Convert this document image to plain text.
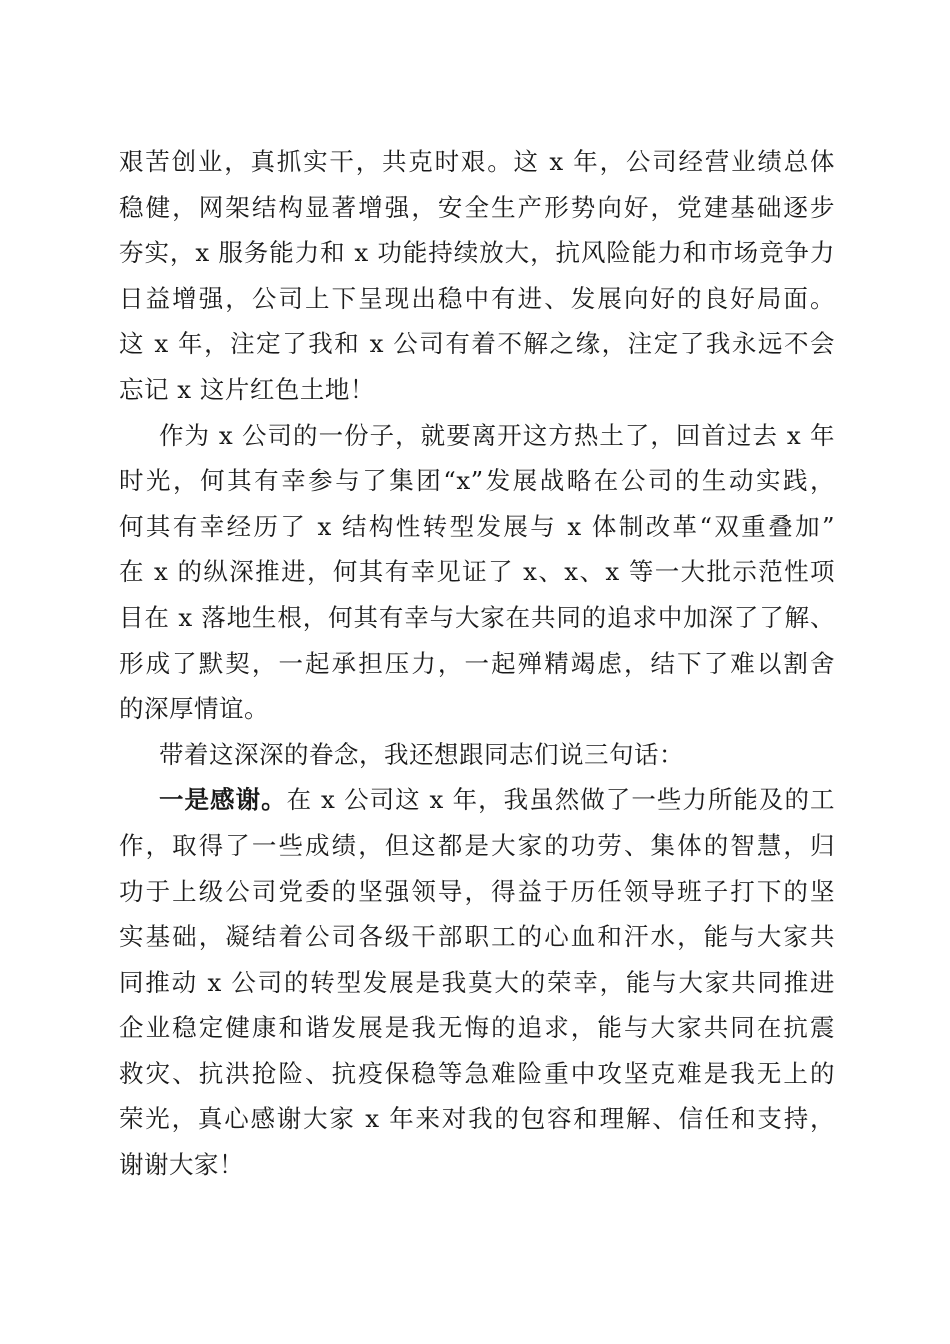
艰苦创业，真抓实干，共克时艰。这 x 年，公司经营业绩总体
稳健，网架结构显著增强，安全生产形势向好，党建基础逐步
夯实，x 服务能力和 x 功能持续放大，抗风险能力和市场竞争力
日益增强，公司上下呈现出稳中有进、发展向好的良好局面。
这 x 年，注定了我和 x 公司有着不解之缘，注定了我永远不会
忘记 x 这片红色土地！
作为 x 公司的一份子，就要离开这方热土了，回首过去 x 年
时光，何其有幸参与了集团“x”发展战略在公司的生动实践，
何其有幸经历了 x 结构性转型发展与 x 体制改革“双重叠加”
在 x 的纵深推进，何其有幸见证了 x、x、x 等一大批示范性项
目在 x 落地生根，何其有幸与大家在共同的追求中加深了了解、
形成了默契，一起承担压力，一起殚精竭虑，结下了难以割舍
的深厚情谊。
带着这深深的眷念，我还想跟同志们说三句话：
一是感谢。在 x 公司这 x 年，我虽然做了一些力所能及的工
作，取得了一些成绩，但这都是大家的功劳、集体的智慧，归
功于上级公司党委的坚强领导，得益于历任领导班子打下的坚
实基础，凝结着公司各级干部职工的心血和汗水，能与大家共
同推动 x 公司的转型发展是我莫大的荣幸，能与大家共同推进
企业稳定健康和谐发展是我无悔的追求，能与大家共同在抗震
救灾、抗洪抢险、抗疫保稳等急难险重中攻坚克难是我无上的
荣光，真心感谢大家 x 年来对我的包容和理解、信任和支持，
谢谢大家！
